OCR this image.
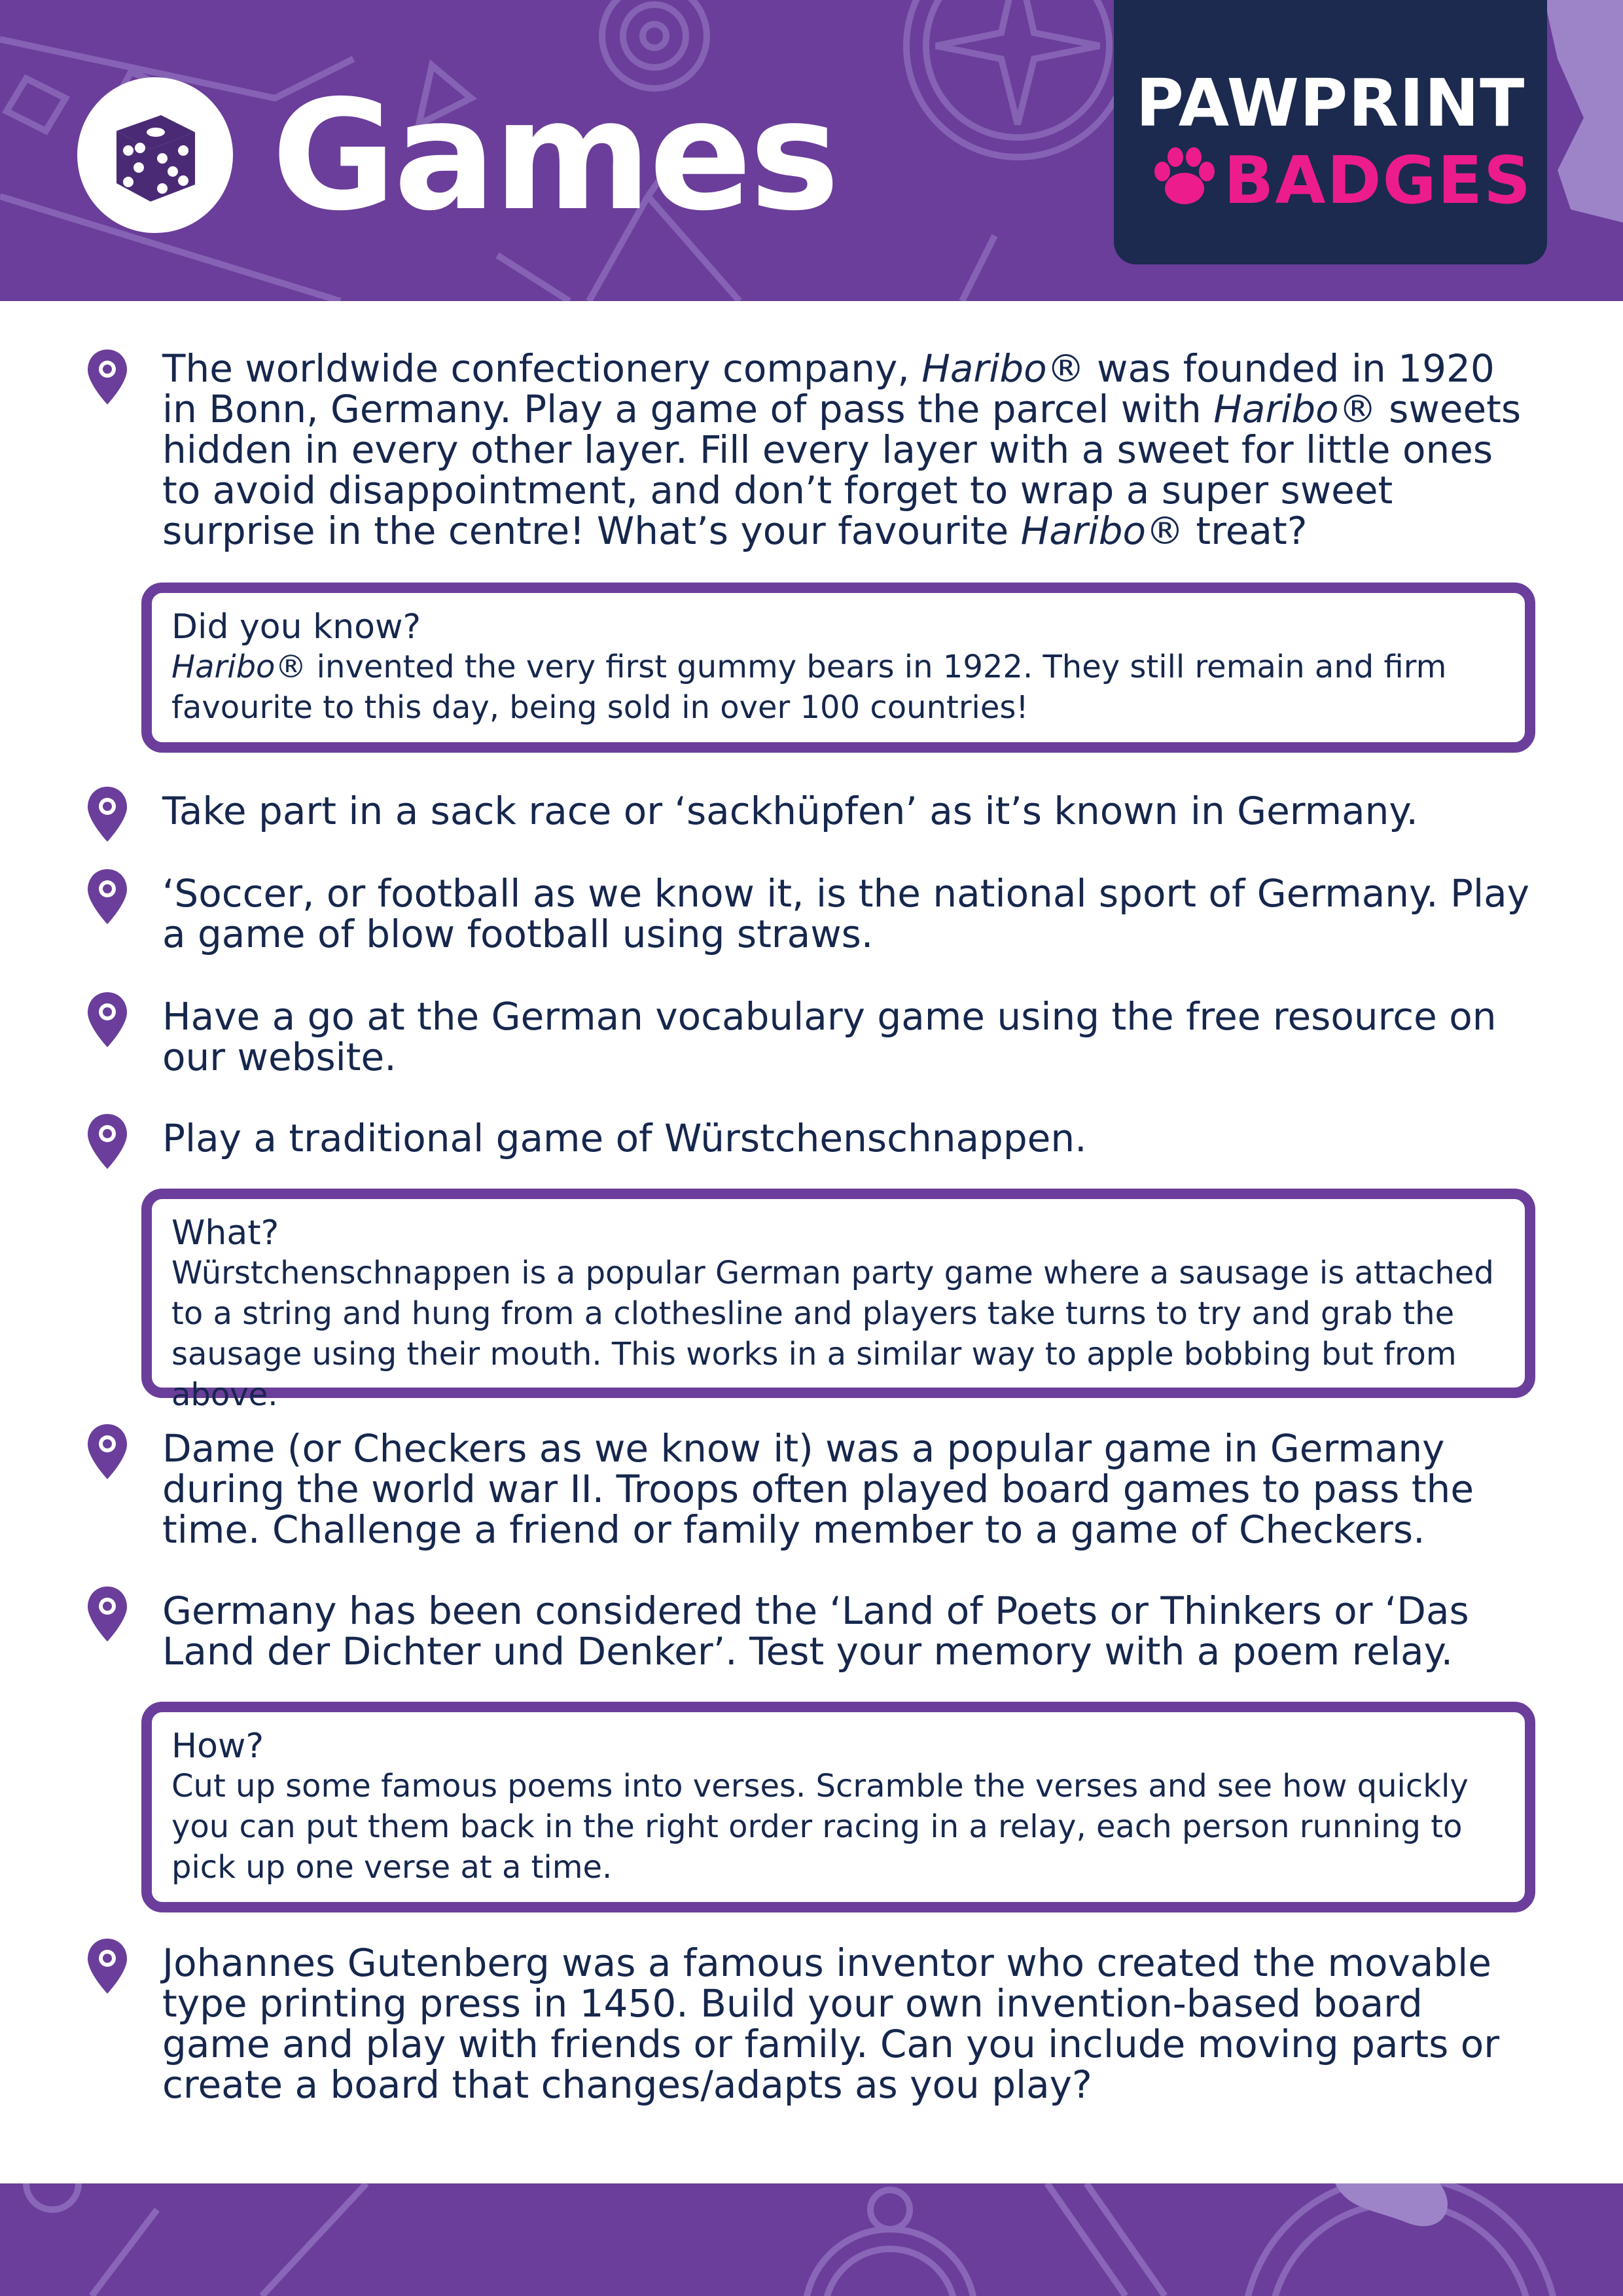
Games	PAWPRINT
BADGES
The worldwide confectionery company, Haribo® was founded in 1920 in Bonn, Germany. Play a game of pass the parcel with Haribo® sweets hidden in every other layer. Fill every layer with a sweet for little ones to avoid disappointment, and don’t forget to wrap a super sweet surprise in the centre! What’s your favourite Haribo® treat?
Did you know?
Haribo® invented the very first gummy bears in 1922. They still remain and firm favourite to this day, being sold in over 100 countries!
Take part in a sack race or ‘sackhüpfen’ as it’s known in Germany.
‘Soccer, or football as we know it, is the national sport of Germany. Play a game of blow football using straws.
Have a go at the German vocabulary game using the free resource on our website.
Play a traditional game of Würstchenschnappen.
What?
Würstchenschnappen is a popular German party game where a sausage is attached to a string and hung from a clothesline and players take turns to try and grab the sausage using their mouth. This works in a similar way to apple bobbing but from above.
Dame (or Checkers as we know it) was a popular game in Germany during the world war II. Troops often played board games to pass the time. Challenge a friend or family member to a game of Checkers.
Germany has been considered the ‘Land of Poets or Thinkers or ‘Das Land der Dichter und Denker’. Test your memory with a poem relay.
How?
Cut up some famous poems into verses. Scramble the verses and see how quickly you can put them back in the right order racing in a relay, each person running to pick up one verse at a time.
Johannes Gutenberg was a famous inventor who created the movable type printing press in 1450. Build your own invention-based board game and play with friends or family. Can you include moving parts or create a board that changes/adapts as you play?
